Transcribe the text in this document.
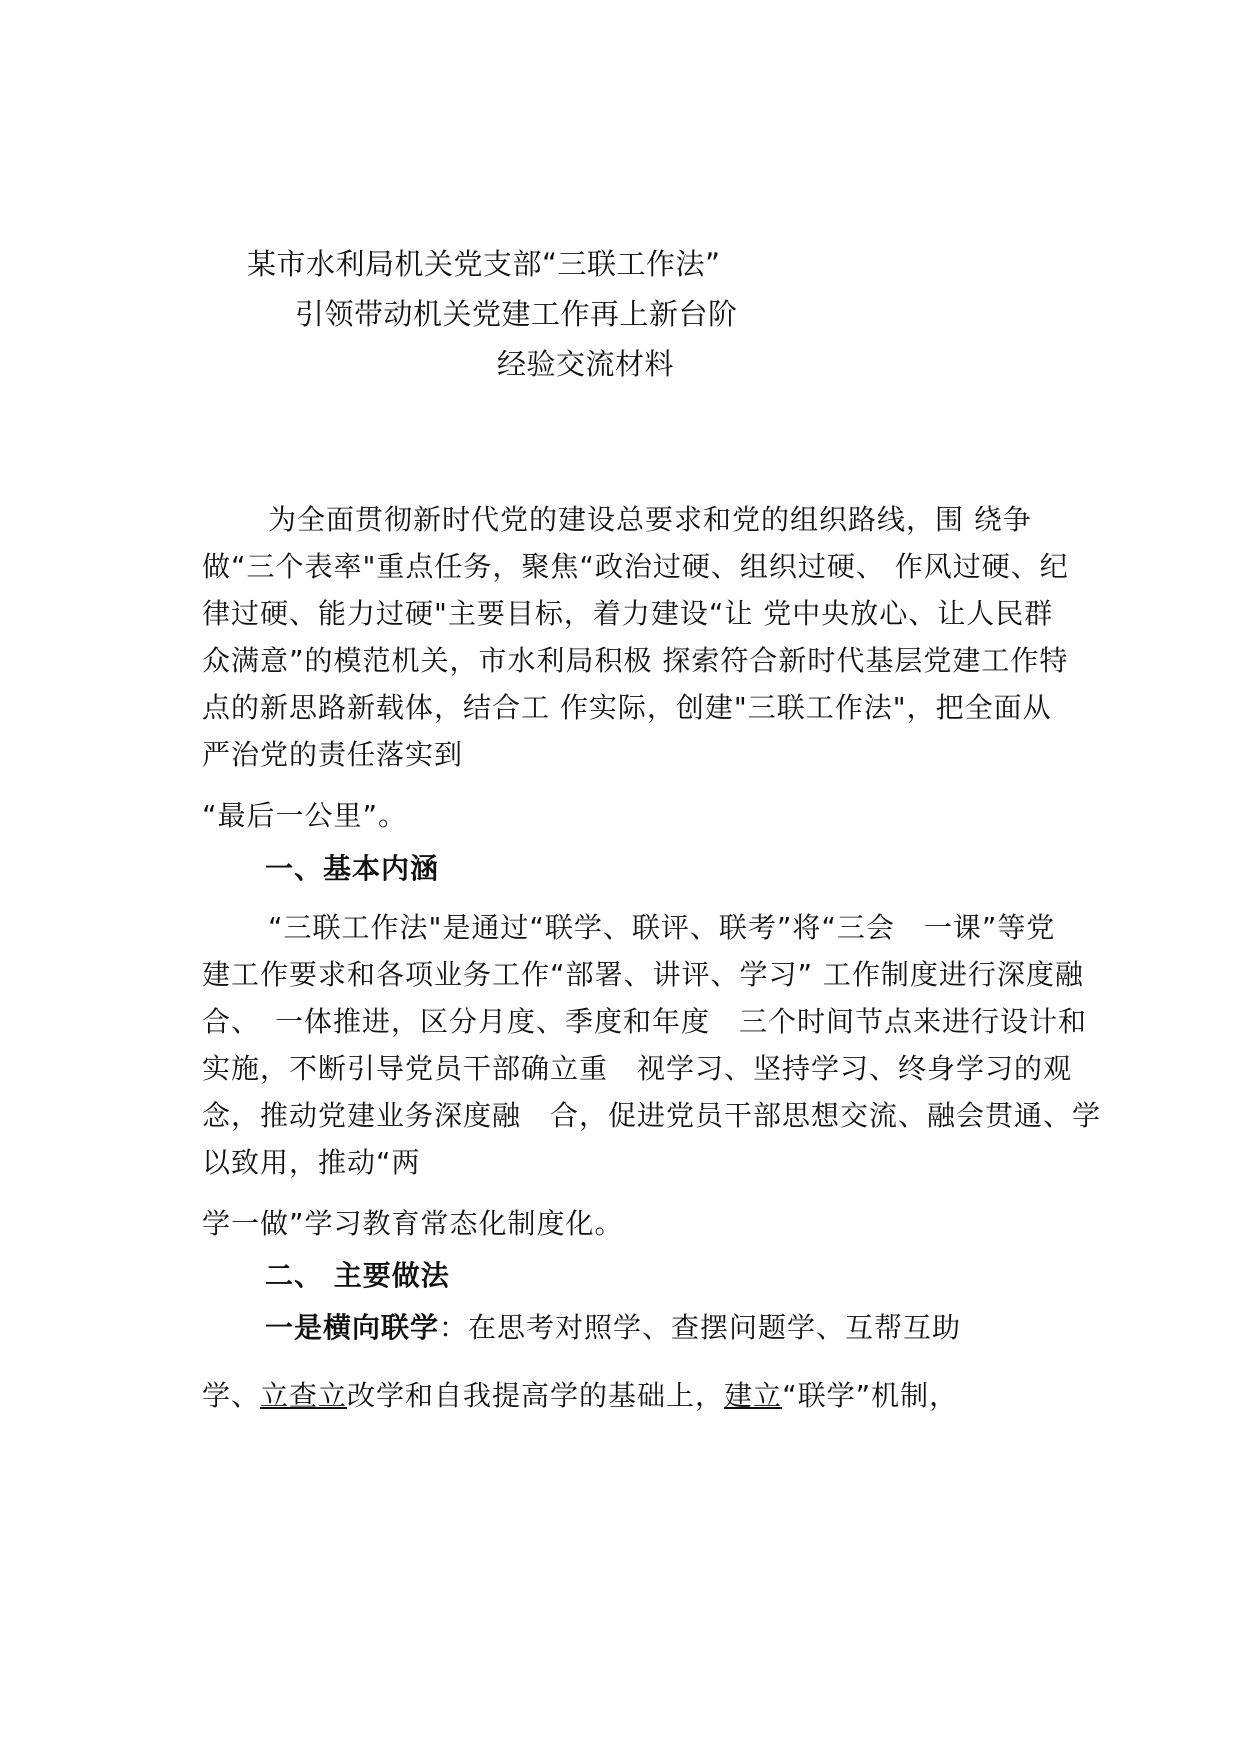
某市水利局机关党支部“三联工作法”
引领带动机关党建工作再上新台阶
经验交流材料
为全面贯彻新时代党的建设总要求和党的组织路线，围 绕争
做“三个表率"重点任务，聚焦“政治过硬、组织过硬、 作风过硬、纪
律过硬、能力过硬"主要目标，着力建设“让 党中央放心、让人民群
众满意”的模范机关，市水利局积极 探索符合新时代基层党建工作特
点的新思路新载体，结合工 作实际，创建"三联工作法"，把全面从
严治党的责任落实到
“最后一公里”。
一、基本内涵
“三联工作法"是通过“联学、联评、联考”将“三会　一课”等党
建工作要求和各项业务工作“部署、讲评、学习” 工作制度进行深度融
合、　一体推进，区分月度、季度和年度　三个时间节点来进行设计和
实施，不断引导党员干部确立重　视学习、坚持学习、终身学习的观
念，推动党建业务深度融　合，促进党员干部思想交流、融会贯通、学
以致用，推动“两
学一做”学习教育常态化制度化。
二、 主要做法
一是横向联学：在思考对照学、查摆问题学、互帮互助
学、立查立改学和自我提高学的基础上，建立“联学”机制，
